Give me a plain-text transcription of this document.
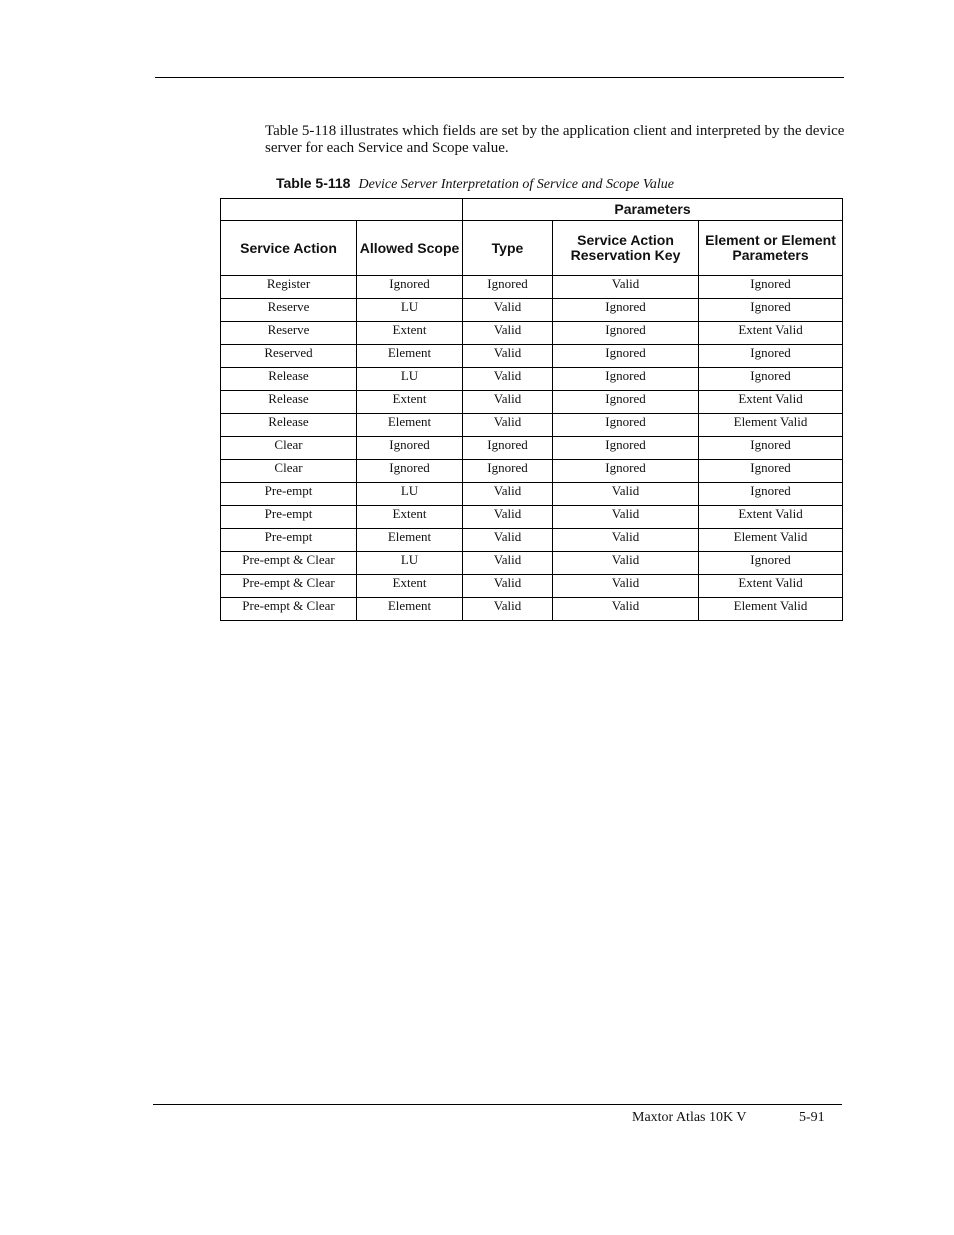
Table 5-118 illustrates which fields are set by the application client and interpreted by the device server for each Service and Scope value.

Table 5-118 Device Server Interpretation of Service and Scope Value
		Parameters		
Service Action	Allowed Scope	Type	Service Action Reservation Key	Element or Element Parameters
Register	Ignored	Ignored	Valid	Ignored
Reserve	LU	Valid	Ignored	Ignored
Reserve	Extent	Valid	Ignored	Extent Valid
Reserved	Element	Valid	Ignored	Ignored
Release	LU	Valid	Ignored	Ignored
Release	Extent	Valid	Ignored	Extent Valid
Release	Element	Valid	Ignored	Element Valid
Clear	Ignored	Ignored	Ignored	Ignored
Clear	Ignored	Ignored	Ignored	Ignored
Pre-empt	LU	Valid	Valid	Ignored
Pre-empt	Extent	Valid	Valid	Extent Valid
Pre-empt	Element	Valid	Valid	Element Valid
Pre-empt & Clear	LU	Valid	Valid	Ignored
Pre-empt & Clear	Extent	Valid	Valid	Extent Valid
Pre-empt & Clear	Element	Valid	Valid	Element Valid
Maxtor Atlas 10K V	5-91
